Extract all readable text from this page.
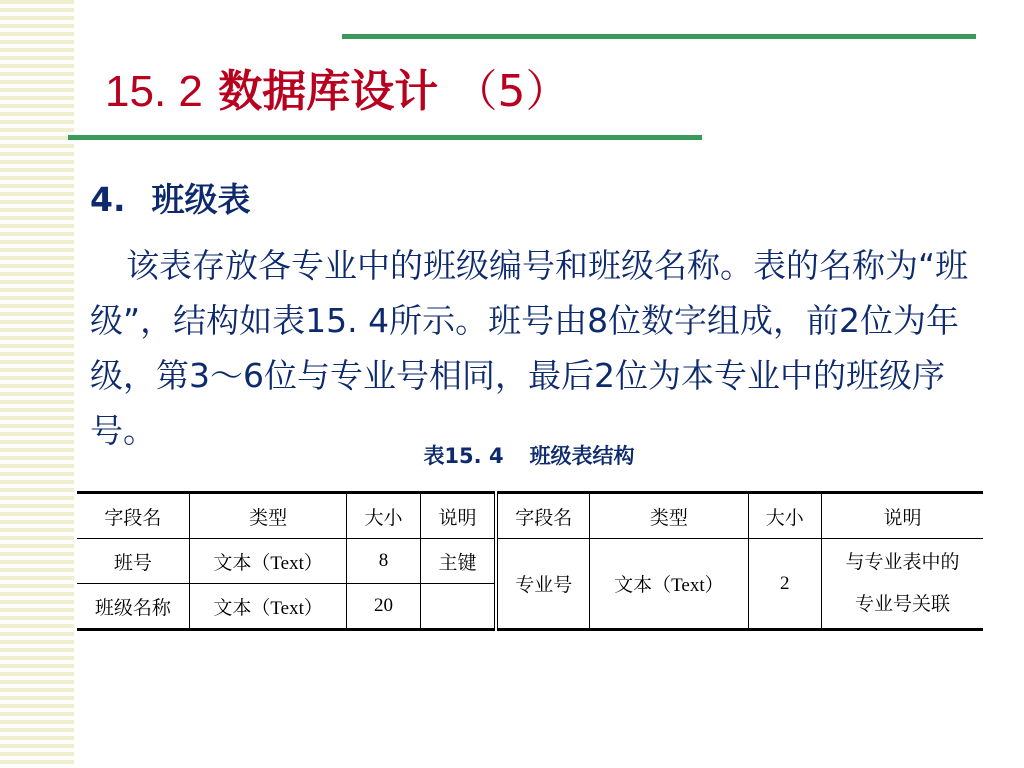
15. 2 数据库设计 （5）
4. 班级表

该表存放各专业中的班级编号和班级名称。表的名称为“班级”，结构如表15. 4所示。班号由8位数字组成，前2位为年级，第3～6位与专业号相同，最后2位为本专业中的班级序号。

表15. 4 班级表结构

字段名	类型	大小	说明	字段名	类型	大小	说明
班号	文本（Text）	8	主键	专业号	文本（Text）	2	与专业表中的
专业号关联

班级名称	文本（Text）	20					
